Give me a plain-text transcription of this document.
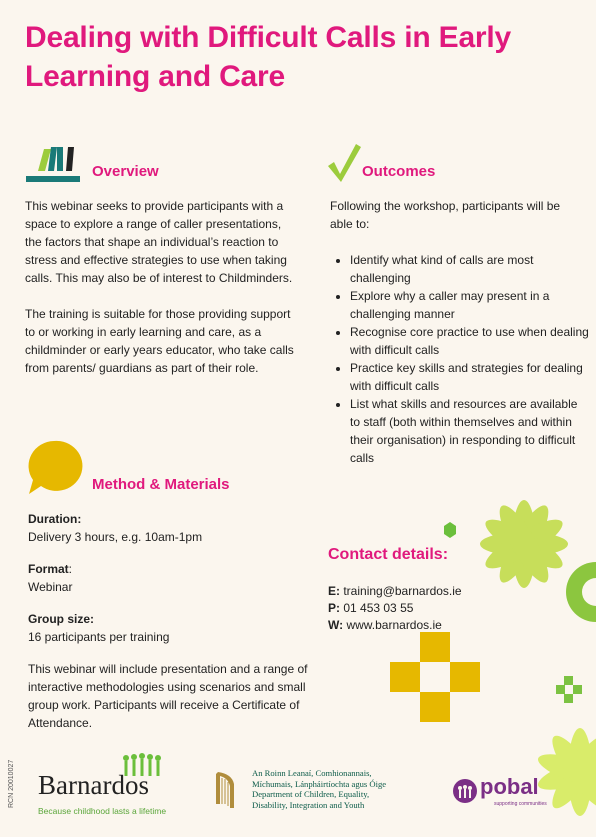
Dealing with Difficult Calls in Early Learning and Care
Overview

This webinar seeks to provide participants with a space to explore a range of caller presentations, the factors that shape an individual’s reaction to stress and effective strategies to use when taking calls. This may also be of interest to Childminders.

The training is suitable for those providing support to or working in early learning and care, as a childminder or early years educator, who take calls from parents/ guardians as part of their role.

Method & Materials

Duration:

Delivery 3 hours, e.g. 10am-1pm

Format:

Webinar

Group size:

16 participants per training

This webinar will include presentation and a range of interactive methodologies using scenarios and small group work. Participants will receive a Certificate of Attendance.

Outcomes
Following the workshop, participants will be able to:
• Identify what kind of calls are most challenging
• Explore why a caller may present in a challenging manner
• Recognise core practice to use when dealing with difficult calls
• Practice key skills and strategies for dealing with difficult calls
• List what skills and resources are available to staff (both within themselves and within their organisation) in responding to difficult calls
Contact details:
E: training@barnardos.ie
P: 01 453 03 55
W: www.barnardos.ie
RCN 20010027 Barnardos
Because childhood lasts a lifetime
An Roinn Leanaí, Comhionannais,
Míchumais, Lánpháirtíochta agus Óige
Department of Children, Equality,
Disability, Integration and Youth
pobal
supporting communities
